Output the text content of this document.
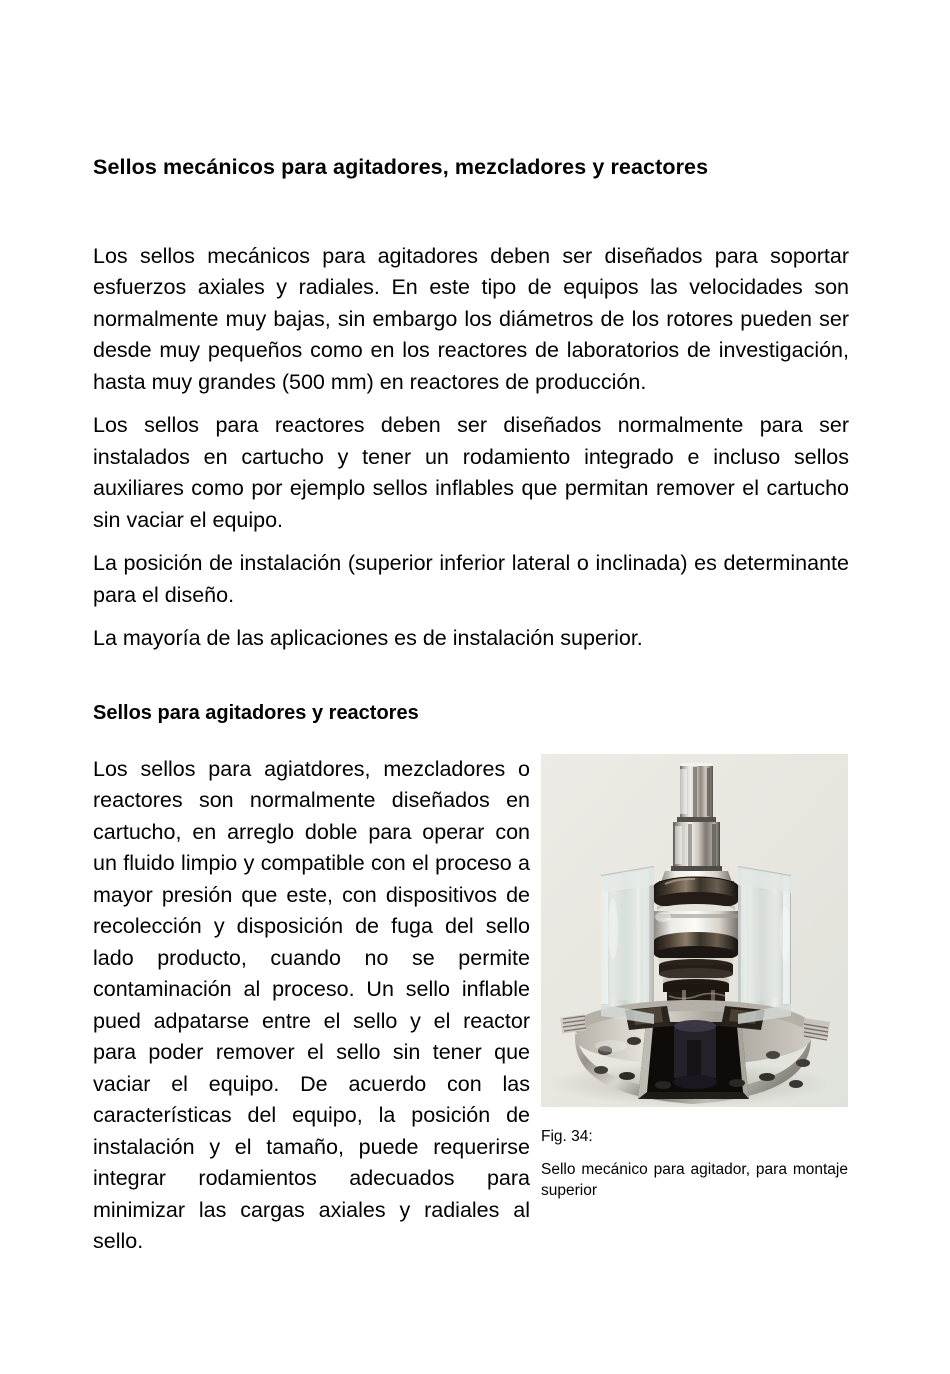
Sellos mecánicos para agitadores, mezcladores y reactores

Los sellos mecánicos para agitadores deben ser diseñados para soportar esfuerzos axiales y radiales. En este tipo de equipos las velocidades son normalmente muy bajas, sin embargo los diámetros de los rotores pueden ser desde muy pequeños como en los reactores de laboratorios de investigación, hasta muy grandes (500 mm) en reactores de producción.

Los sellos para reactores deben ser diseñados normalmente para ser instalados en cartucho y tener un rodamiento integrado e incluso sellos auxiliares como por ejemplo sellos inflables que permitan remover el cartucho sin vaciar el equipo.

La posición de instalación (superior inferior lateral o inclinada) es determinante para el diseño.

La mayoría de las aplicaciones es de instalación superior.

Sellos para agitadores y reactores
Fig. 34:
Sello mecánico para agitador, para montaje superior

Los sellos para agiatdores, mezcladores o reactores son normalmente diseñados en cartucho, en arreglo doble para operar con un fluido limpio y compatible con el proceso a mayor presión que este, con dispositivos de recolección y disposición de fuga del sello lado producto, cuando no se permite contaminación al proceso. Un sello inflable pued adpatarse entre el sello y el reactor para poder remover el sello sin tener que vaciar el equipo. De acuerdo con las características del equipo, la posición de instalación y el tamaño, puede requerirse integrar rodamientos adecuados para minimizar las cargas axiales y radiales al sello.
